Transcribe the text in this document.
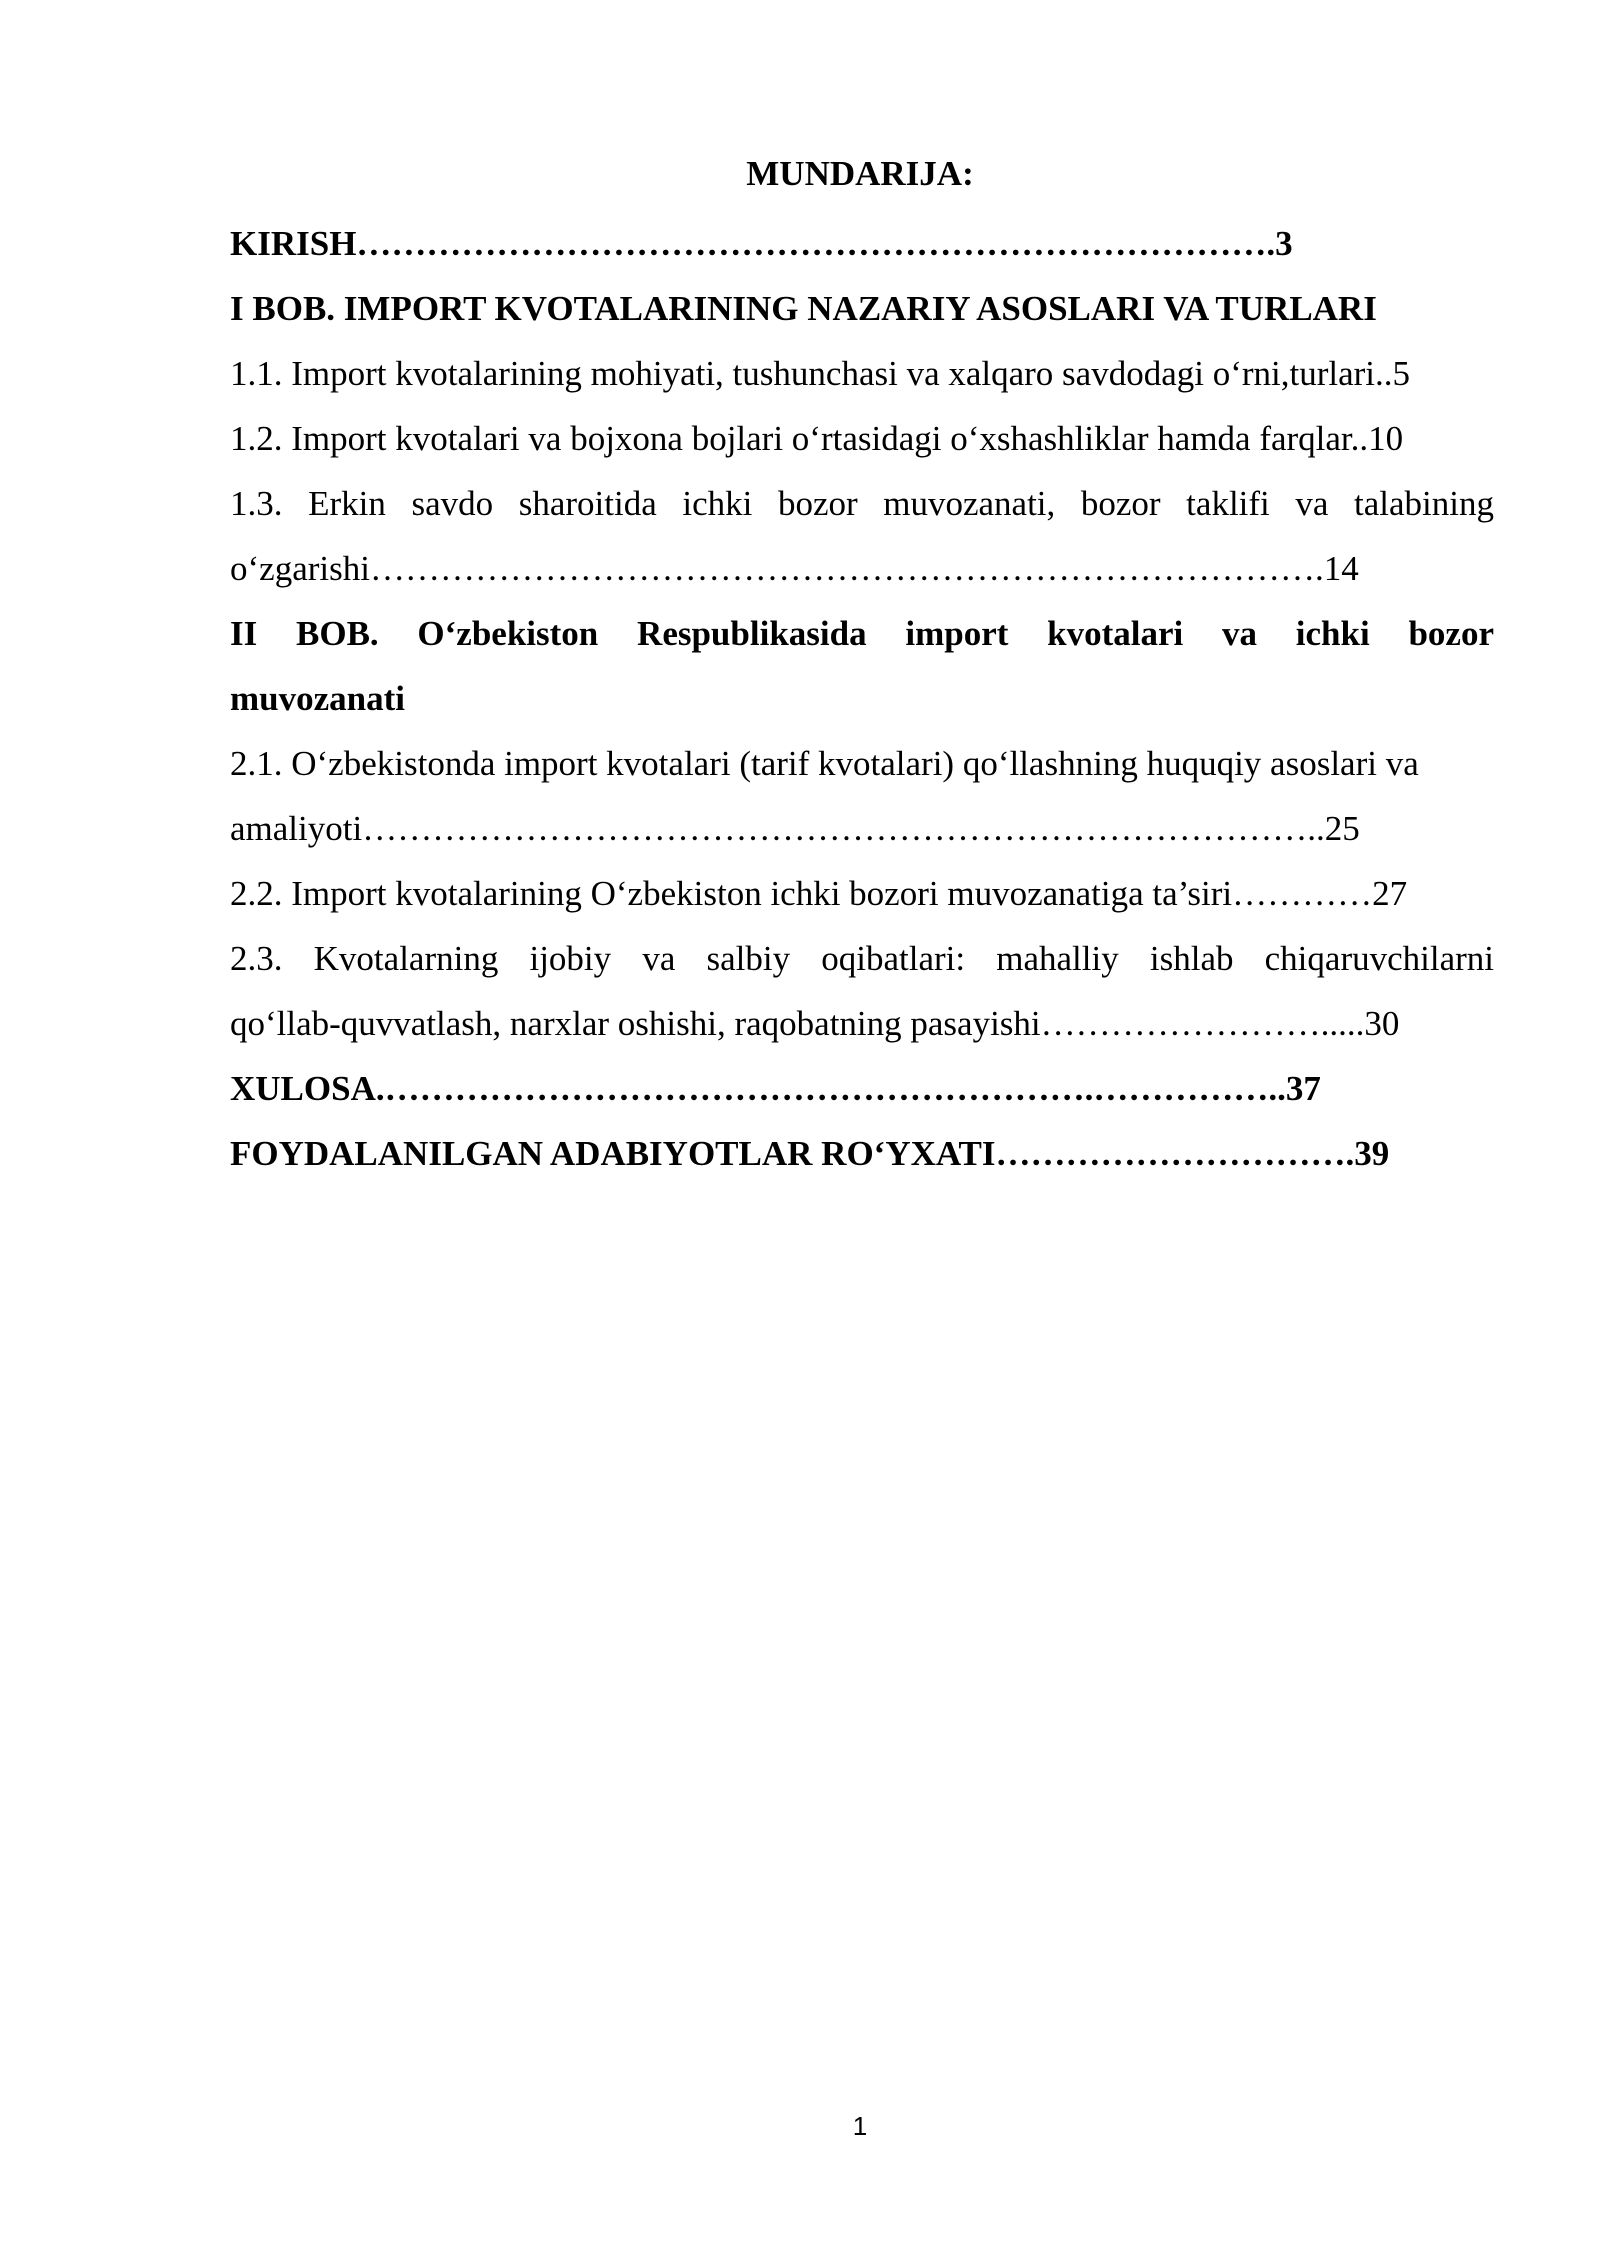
MUNDARIJA:
KIRISH…………………………………………………………………….3
I BOB. IMPORT KVOTALARINING NAZARIY ASOSLARI VA TURLARI
1.1. Import kvotalarining mohiyati, tushunchasi va xalqaro savdodagi o‘rni,turlari..5
1.2. Import kvotalari va bojxona bojlari o‘rtasidagi o‘xshashliklar hamda farqlar..10
1.3. Erkin savdo sharoitida ichki bozor muvozanati, bozor taklifi va talabining
o‘zgarishi……………………………………………………………………….14
II BOB. O‘zbekiston Respublikasida import kvotalari va ichki bozor
muvozanati
2.1. O‘zbekistonda import kvotalari (tarif kvotalari) qo‘llashning huquqiy asoslari va
amaliyoti………………………………………………………………………..25
2.2. Import kvotalarining O‘zbekiston ichki bozori muvozanatiga ta’siri…………27
2.3. Kvotalarning ijobiy va salbiy oqibatlari: mahalliy ishlab chiqaruvchilarni
qo‘llab-quvvatlash, narxlar oshishi, raqobatning pasayishi…………………….....30
XULOSA.…………………………………………………….……………..37
FOYDALANILGAN ADABIYOTLAR RO‘YXATI………………………….39
1
